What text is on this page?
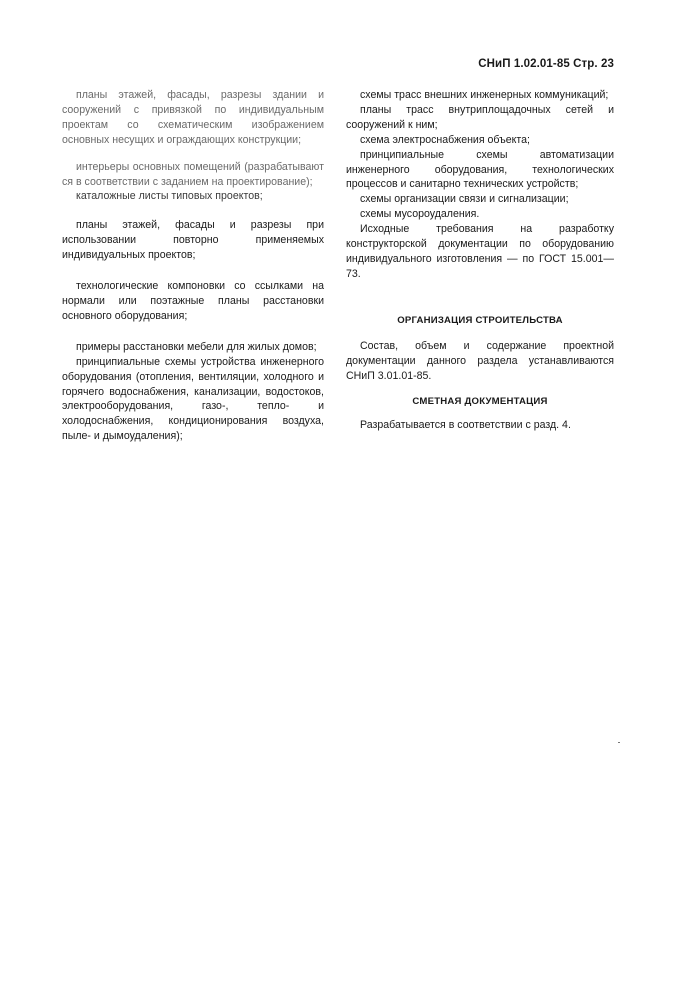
СНиП 1.02.01-85 Стр. 23

планы этажей, фасады, разрезы здании и сооружений с привязкой по индивидуальным проектам со схематическим изображением основных несущих и ограждающих конструкции;

интерьеры основных помещений (разрабатывают ся в соответствии с заданием на проектирование);

каталожные листы типовых проектов;

планы этажей, фасады и разрезы при использовании повторно применяемых индивидуальных проектов;

технологические компоновки со ссылками на нормали или поэтажные планы расстановки основного оборудования;

примеры расстановки мебели для жилых домов;

принципиальные схемы устройства инженерного оборудования (отопления, вентиляции, холодного и горячего водоснабжения, канализации, водостоков, электрооборудования, газо-, тепло- и холодоснабжения, кондиционирования воздуха, пыле- и дымоудаления);

схемы трасс внешних инженерных коммуникаций;

планы трасс внутриплощадочных сетей и сооружений к ним;

схема электроснабжения объекта;

принципиальные схемы автоматизации инженерного оборудования, технологических процессов и санитарно технических устройств;

схемы организации связи и сигнализации;

схемы мусороудаления.

Исходные требования на разработку конструкторской документации по оборудованию индивидуального изготовления — по ГОСТ 15.001—73.

ОРГАНИЗАЦИЯ СТРОИТЕЛЬСТВА

Состав, объем и содержание проектной документации данного раздела устанавливаются СНиП 3.01.01-85.

СМЕТНАЯ ДОКУМЕНТАЦИЯ

Разрабатывается в соответствии с разд. 4.
